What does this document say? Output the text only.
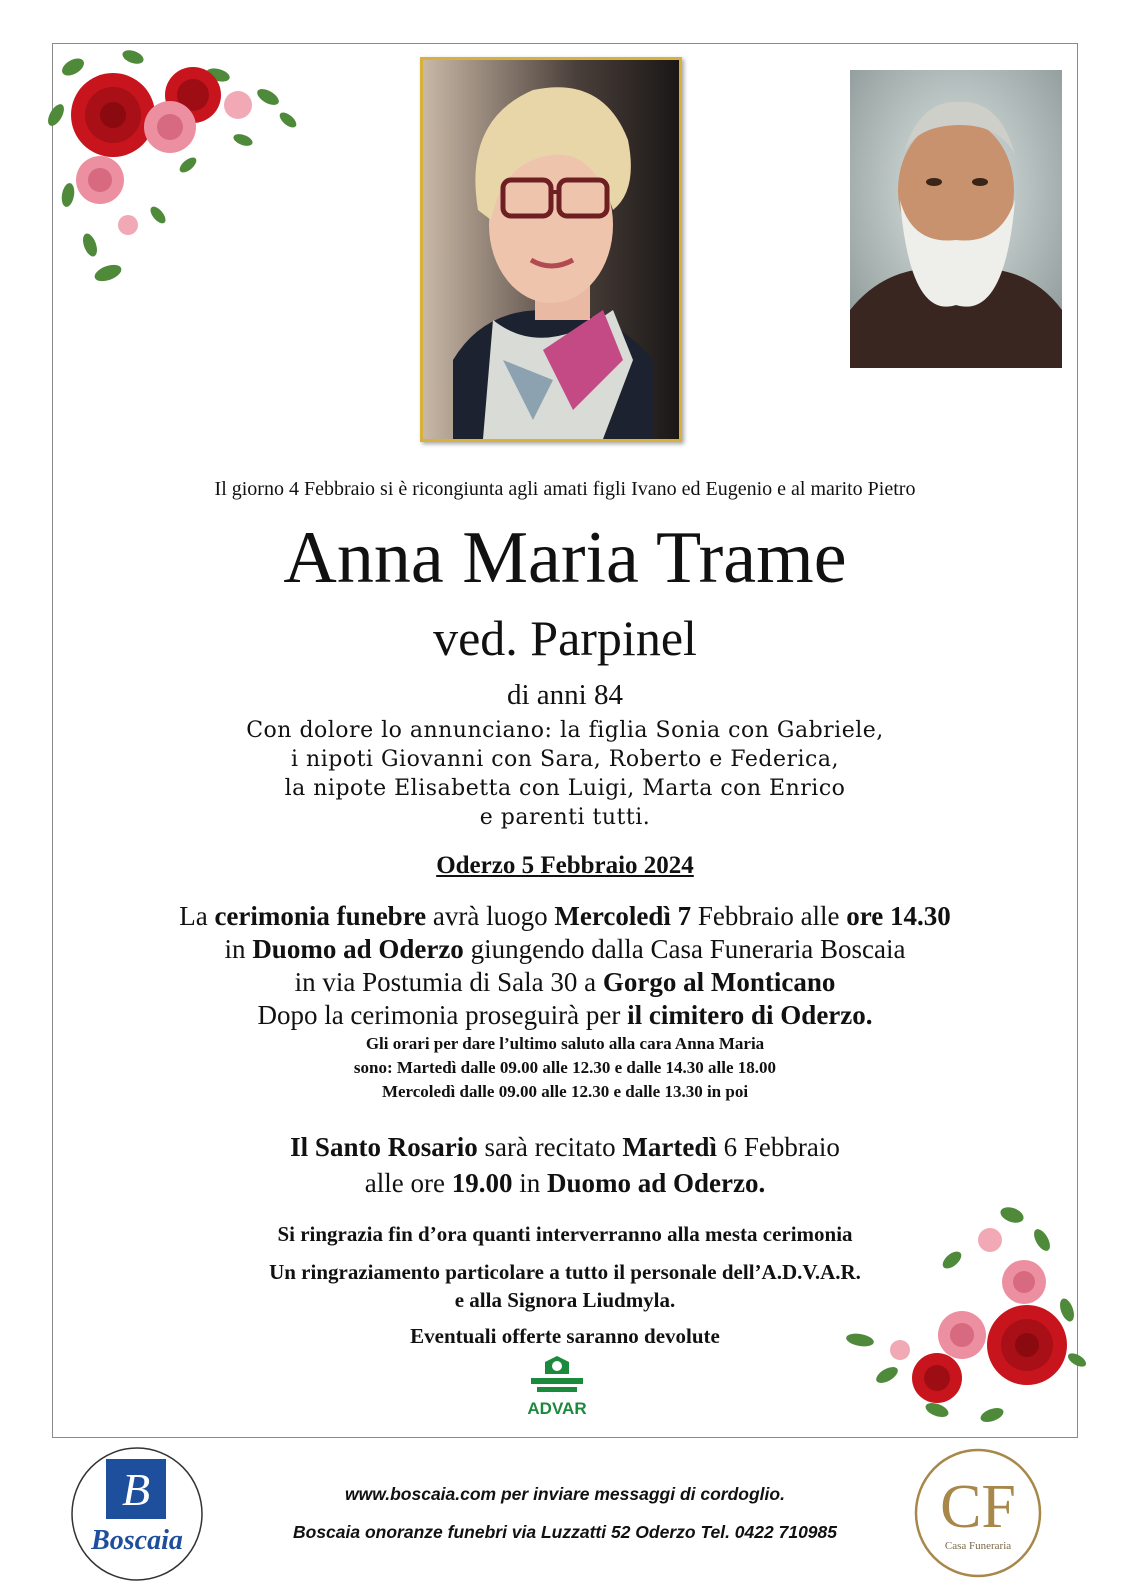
Il giorno 4 Febbraio si è ricongiunta agli amati figli Ivano ed Eugenio e al marito Pietro
Anna Maria Trame
ved. Parpinel
di anni 84

Con dolore lo annunciano: la figlia Sonia con Gabriele,

i nipoti Giovanni con Sara, Roberto e Federica,

la nipote Elisabetta con Luigi, Marta con Enrico

e parenti tutti.

Oderzo 5 Febbraio 2024

La cerimonia funebre avrà luogo Mercoledì 7 Febbraio alle ore 14.30

in Duomo ad Oderzo giungendo dalla Casa Funeraria Boscaia

in via Postumia di Sala 30 a Gorgo al Monticano

Dopo la cerimonia proseguirà per il cimitero di Oderzo.

Gli orari per dare l’ultimo saluto alla cara Anna Maria

sono: Martedì dalle 09.00 alle 12.30 e dalle 14.30 alle 18.00

Mercoledì dalle 09.00 alle 12.30 e dalle 13.30 in poi

Il Santo Rosario sarà recitato Martedì 6 Febbraio

alle ore 19.00 in Duomo ad Oderzo.

Si ringrazia fin d’ora quanti interverranno alla mesta cerimonia

Un ringraziamento particolare a tutto il personale dell’A.D.V.A.R.

e alla Signora Liudmyla.

Eventuali offerte saranno devolute
ADVAR
B
Boscaia
www.boscaia.com per inviare messaggi di cordoglio.
Boscaia onoranze funebri via Luzzatti 52 Oderzo Tel. 0422 710985	CF
Casa Funeraria
